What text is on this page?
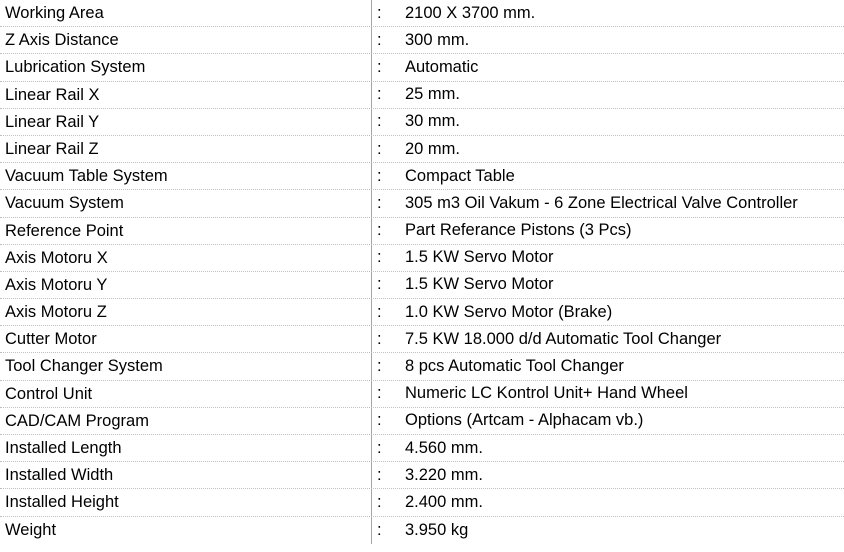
Working Area	:	2100 X 3700 mm.
Z Axis Distance	:	300 mm.
Lubrication System	:	Automatic
Linear Rail X	:	25 mm.
Linear Rail Y	:	30 mm.
Linear Rail Z	:	20 mm.
Vacuum Table System	:	Compact Table
Vacuum System	:	305 m3 Oil Vakum - 6 Zone Electrical Valve Controller
Reference Point	:	Part Referance Pistons (3 Pcs)
Axis Motoru X	:	1.5 KW Servo Motor
Axis Motoru Y	:	1.5 KW Servo Motor
Axis Motoru Z	:	1.0 KW Servo Motor (Brake)
Cutter Motor	:	7.5 KW 18.000 d/d Automatic Tool Changer
Tool Changer System	:	8 pcs Automatic Tool Changer
Control Unit	:	Numeric LC Kontrol Unit+ Hand Wheel
CAD/CAM Program	:	Options (Artcam - Alphacam vb.)
Installed Length	:	4.560 mm.
Installed Width	:	3.220 mm.
Installed Height	:	2.400 mm.
Weight	:	3.950 kg
